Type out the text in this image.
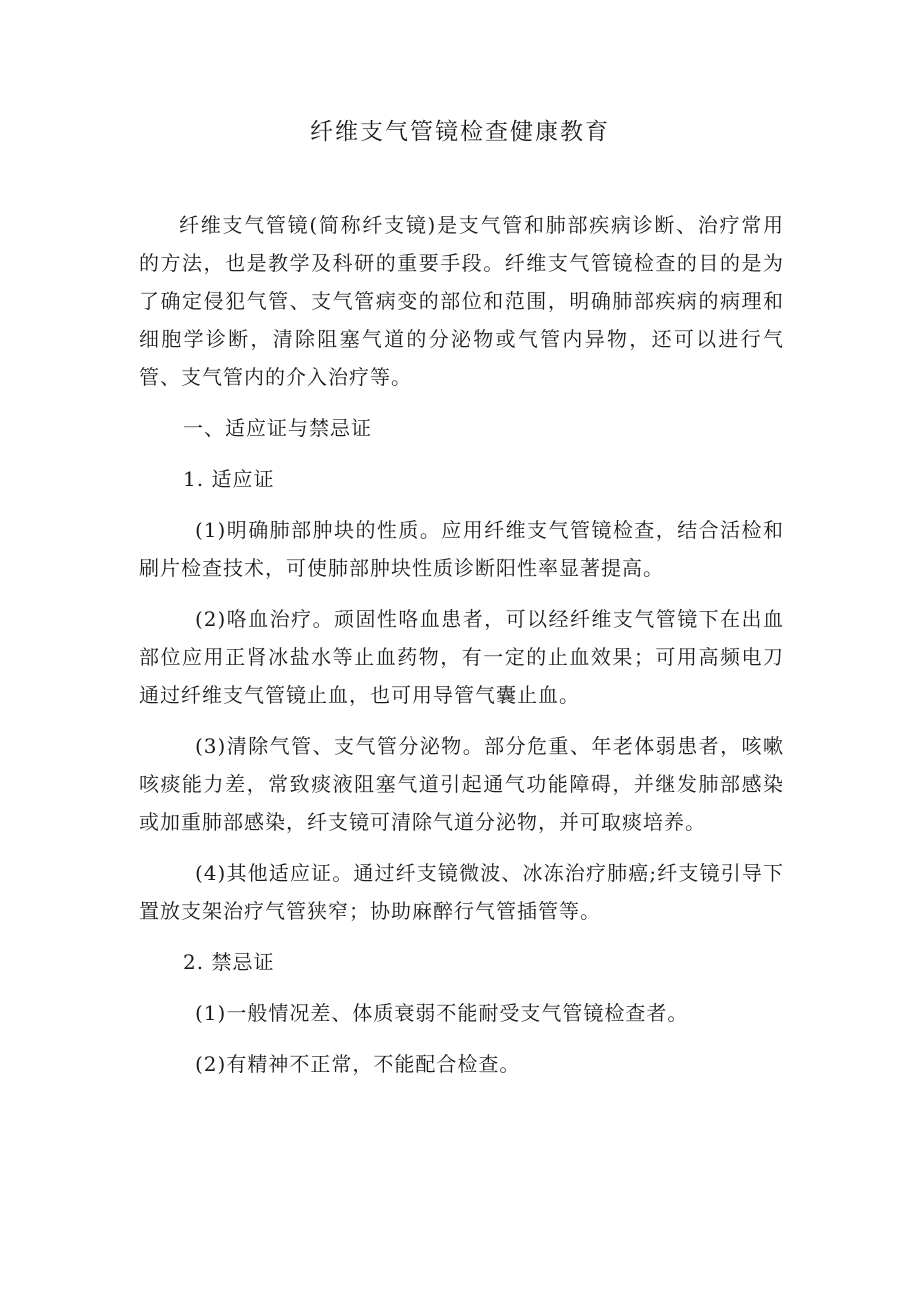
纤维支气管镜检查健康教育

纤维支气管镜(简称纤支镜)是支气管和肺部疾病诊断、治疗常用的方法，也是教学及科研的重要手段。纤维支气管镜检查的目的是为了确定侵犯气管、支气管病变的部位和范围，明确肺部疾病的病理和细胞学诊断，清除阻塞气道的分泌物或气管内异物，还可以进行气管、支气管内的介入治疗等。

一、适应证与禁忌证

1. 适应证

(1)明确肺部肿块的性质。应用纤维支气管镜检查，结合活检和刷片检查技术，可使肺部肿块性质诊断阳性率显著提高。

(2)咯血治疗。顽固性咯血患者，可以经纤维支气管镜下在出血部位应用正肾冰盐水等止血药物，有一定的止血效果；可用高频电刀通过纤维支气管镜止血，也可用导管气囊止血。

(3)清除气管、支气管分泌物。部分危重、年老体弱患者，咳嗽咳痰能力差，常致痰液阻塞气道引起通气功能障碍，并继发肺部感染或加重肺部感染，纤支镜可清除气道分泌物，并可取痰培养。

(4)其他适应证。通过纤支镜微波、冰冻治疗肺癌;纤支镜引导下置放支架治疗气管狭窄；协助麻醉行气管插管等。

2. 禁忌证

(1)一般情况差、体质衰弱不能耐受支气管镜检查者。

(2)有精神不正常，不能配合检查。
